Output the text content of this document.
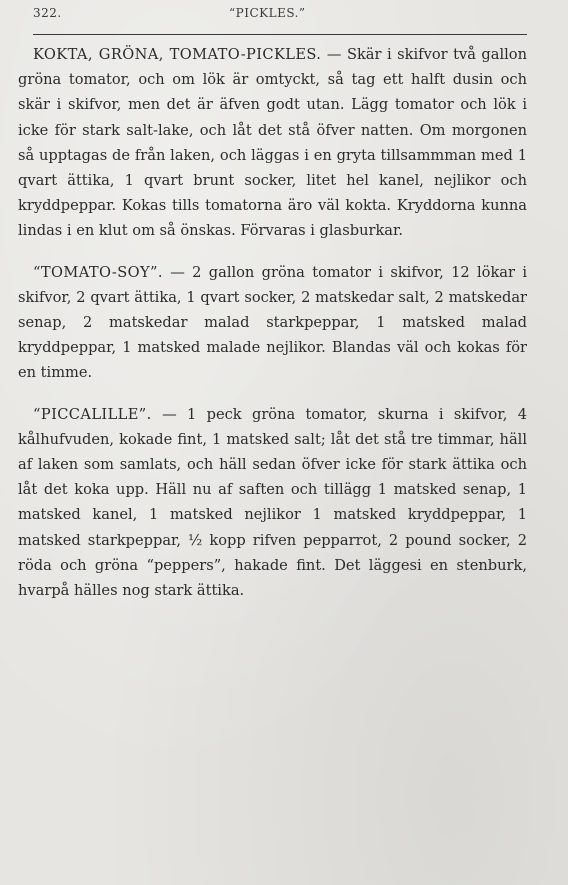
322.	“PICKLES.”

KOKTA, GRÖNA, TOMATO-PICKLES. — Skär i skifvor två gallon gröna tomator, och om lök är omtyckt, så tag ett halft dusin och skär i skifvor, men det är äfven godt utan. Lägg tomator och lök i icke för stark salt-lake, och låt det stå öfver natten. Om morgonen så upptagas de från laken, och läggas i en gryta tillsammman med 1 qvart ättika, 1 qvart brunt socker, litet hel kanel, nejlikor och kryddpeppar. Kokas tills tomatorna äro väl kokta. Kryddorna kunna lindas i en klut om så önskas. Förvaras i glasburkar.

“TOMATO-SOY”. — 2 gallon gröna tomator i skifvor, 12 lökar i skifvor, 2 qvart ättika, 1 qvart socker, 2 matskedar salt, 2 matskedar senap, 2 matskedar malad starkpeppar, 1 matsked malad kryddpeppar, 1 matsked malade nejlikor. Blandas väl och kokas för en timme.

“PICCALILLE”. — 1 peck gröna tomator, skurna i skifvor, 4 kålhufvuden, kokade fint, 1 matsked salt; låt det stå tre timmar, häll af laken som samlats, och häll sedan öfver icke för stark ättika och låt det koka upp. Häll nu af saften och tillägg 1 matsked senap, 1 matsked kanel, 1 matsked nejlikor 1 matsked kryddpeppar, 1 matsked starkpeppar, ½ kopp rifven pepparrot, 2 pound socker, 2 röda och gröna “peppers”, hakade fint. Det läggesi en stenburk, hvarpå hälles nog stark ättika.
